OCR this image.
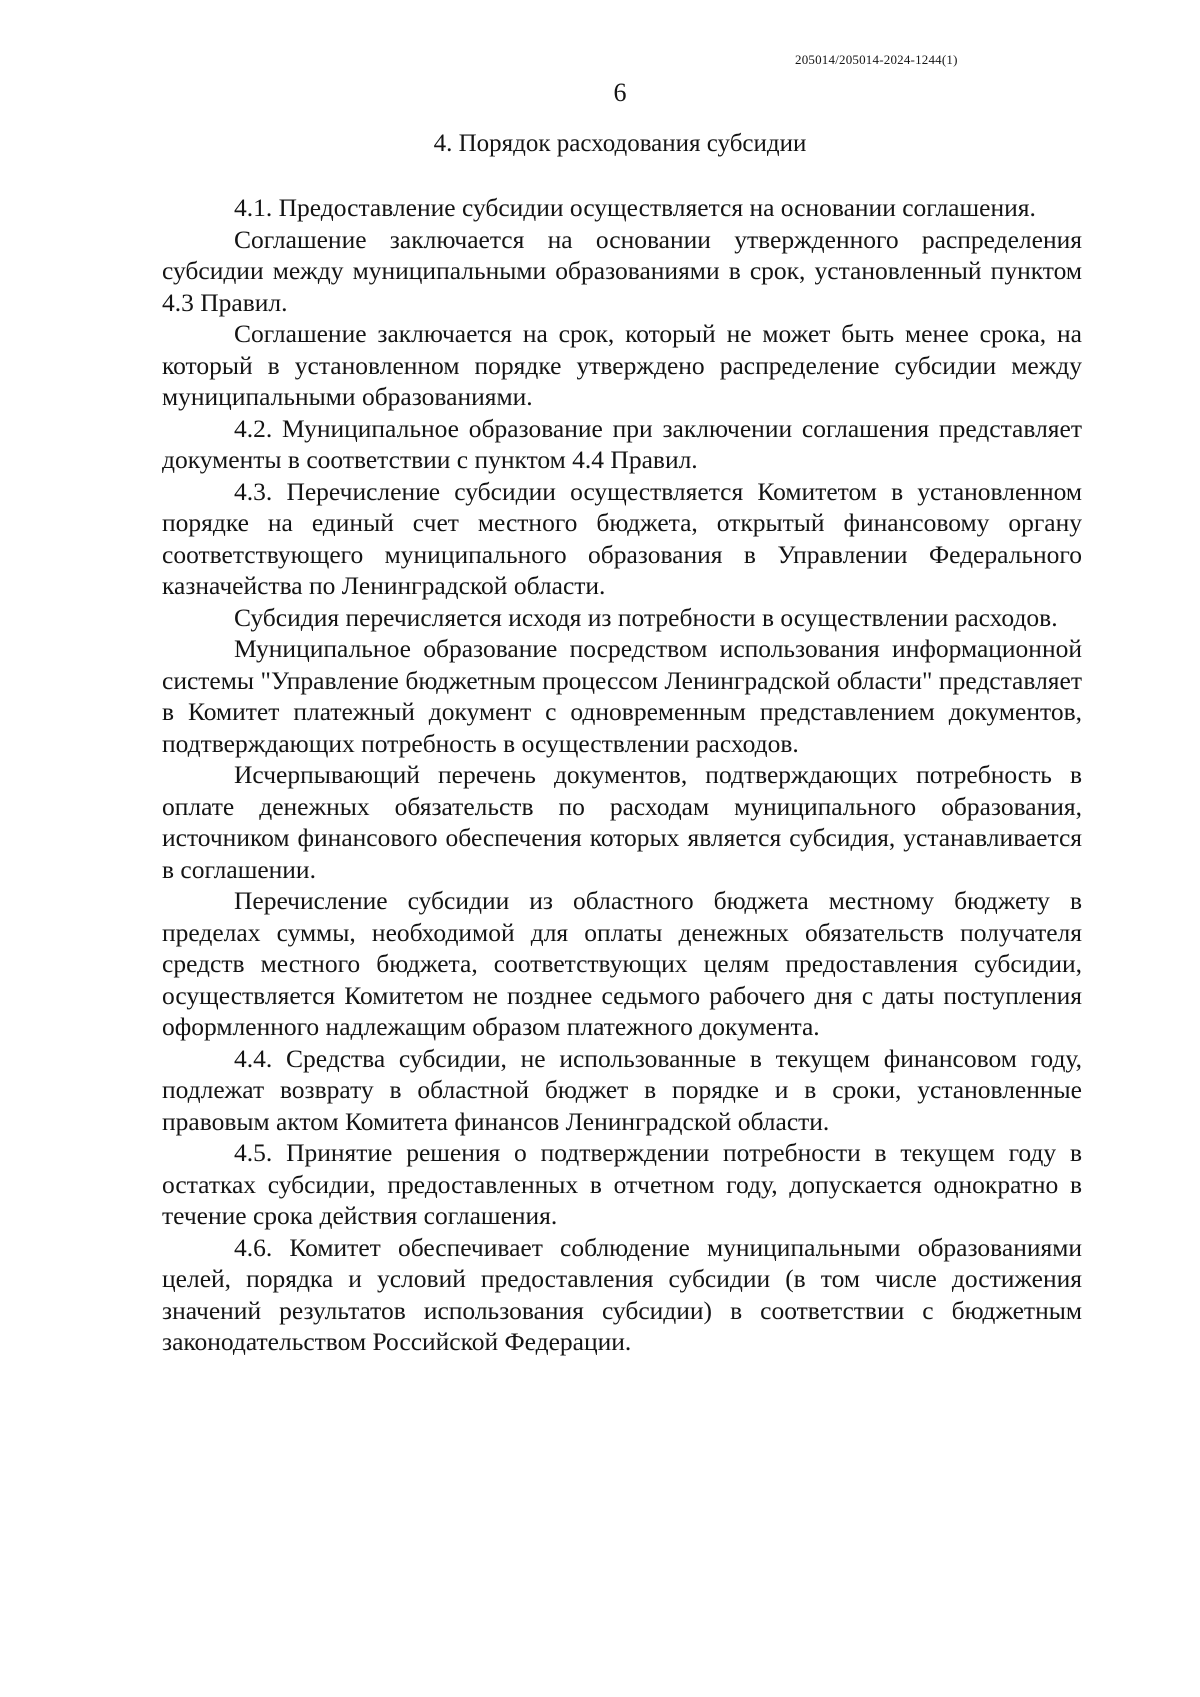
205014/205014-2024-1244(1)
6
4. Порядок расходования субсидии

4.1. Предоставление субсидии осуществляется на основании соглашения.

Соглашение заключается на основании утвержденного распределения субсидии между муниципальными образованиями в срок, установленный пунктом 4.3 Правил.

Соглашение заключается на срок, который не может быть менее срока, на который в установленном порядке утверждено распределение субсидии между муниципальными образованиями.

4.2. Муниципальное образование при заключении соглашения представляет документы в соответствии с пунктом 4.4 Правил.

4.3. Перечисление субсидии осуществляется Комитетом в установленном порядке на единый счет местного бюджета, открытый финансовому органу соответствующего муниципального образования в Управлении Федерального казначейства по Ленинградской области.

Субсидия перечисляется исходя из потребности в осуществлении расходов.

Муниципальное образование посредством использования информационной системы "Управление бюджетным процессом Ленинградской области" представляет в Комитет платежный документ с одновременным представлением документов, подтверждающих потребность в осуществлении расходов.

Исчерпывающий перечень документов, подтверждающих потребность в оплате денежных обязательств по расходам муниципального образования, источником финансового обеспечения которых является субсидия, устанавливается в соглашении.

Перечисление субсидии из областного бюджета местному бюджету в пределах суммы, необходимой для оплаты денежных обязательств получателя средств местного бюджета, соответствующих целям предоставления субсидии, осуществляется Комитетом не позднее седьмого рабочего дня с даты поступления оформленного надлежащим образом платежного документа.

4.4. Средства субсидии, не использованные в текущем финансовом году, подлежат возврату в областной бюджет в порядке и в сроки, установленные правовым актом Комитета финансов Ленинградской области.

4.5. Принятие решения о подтверждении потребности в текущем году в остатках субсидии, предоставленных в отчетном году, допускается однократно в течение срока действия соглашения.

4.6. Комитет обеспечивает соблюдение муниципальными образованиями целей, порядка и условий предоставления субсидии (в том числе достижения значений результатов использования субсидии) в соответствии с бюджетным законодательством Российской Федерации.
